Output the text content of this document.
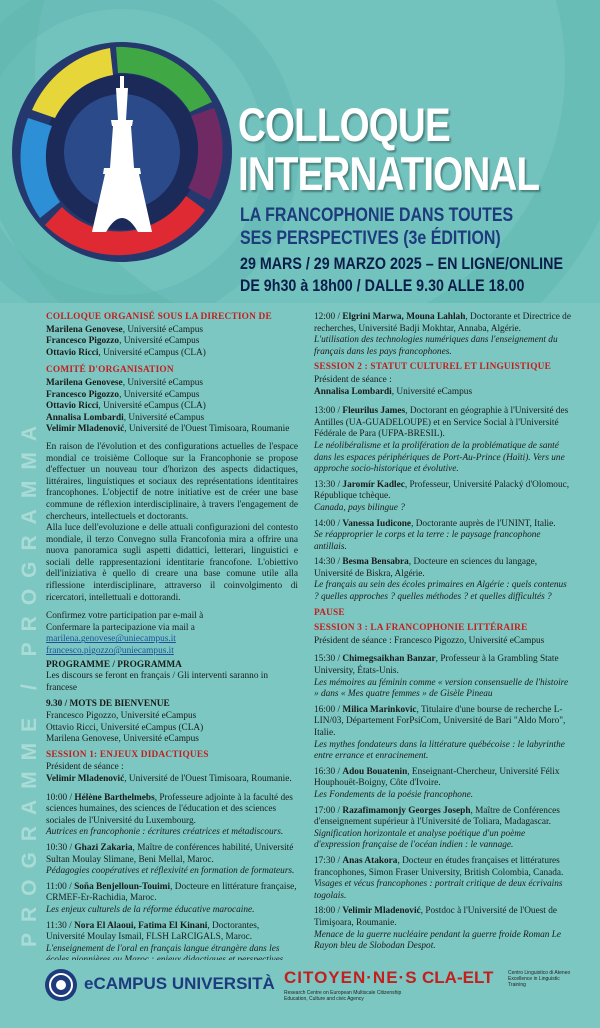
COLLOQUE
INTERNATIONAL
LA FRANCOPHONIE DANS TOUTES
SES PERSPECTIVES (3e ÉDITION)
29 MARS / 29 MARZO 2025 – EN LIGNE/ONLINE
DE 9h30 à 18h00 / DALLE 9.30 ALLE 18.00
PROGRAMME / PROGRAMMA
COLLOQUE ORGANISÉ SOUS LA DIRECTION DE
Marilena Genovese, Université eCampus
Francesco Pigozzo, Université eCampus
Ottavio Ricci, Université eCampus (CLA)
COMITÉ D'ORGANISATION
Marilena Genovese, Université eCampus
Francesco Pigozzo, Université eCampus
Ottavio Ricci, Université eCampus (CLA)
Annalisa Lombardi, Université eCampus
Velimir Mladenović, Université de l'Ouest Timisoara, Roumanie

En raison de l'évolution et des configurations actuelles de l'espace mondial ce troisième Colloque sur la Francophonie se propose d'effectuer un nouveau tour d'horizon des aspects didactiques, littéraires, linguistiques et sociaux des représentations identitaires francophones. L'objectif de notre initiative est de créer une base commune de réflexion interdisciplinaire, à travers l'engagement de chercheurs, intellectuels et doctorants.

Alla luce dell'evoluzione e delle attuali configurazioni del contesto mondiale, il terzo Convegno sulla Francofonia mira a offrire una nuova panoramica sugli aspetti didattici, letterari, linguistici e sociali delle rappresentazioni identitarie francofone. L'obiettivo dell'iniziativa è quello di creare una base comune utile alla riflessione interdisciplinare, attraverso il coinvolgimento di ricercatori, intellettuali e dottorandi.

Confirmez votre participation par e-mail à
Confermare la partecipazione via mail a
marilena.genovese@uniecampus.it
francesco.pigozzo@uniecampus.it
PROGRAMME / PROGRAMMA

Les discours se feront en français / Gli interventi saranno in francese

9.30 / MOTS DE BIENVENUE
Francesco Pigozzo, Université eCampus
Ottavio Ricci, Université eCampus (CLA)
Marilena Genovese, Université eCampus
SESSION 1: ENJEUX DIDACTIQUES
Président de séance :

Velimir Mladenović, Université de l'Ouest Timisoara, Roumanie.

10:00 / Hélène Barthelmebs, Professeure adjointe à la faculté des sciences humaines, des sciences de l'éducation et des sciences sociales de l'Université du Luxembourg.
Autrices en francophonie : écritures créatrices et métadiscours.

10:30 / Ghazi Zakaria, Maître de conférences habilité, Université Sultan Moulay Slimane, Beni Mellal, Maroc.
Pédagogies coopératives et réflexivité en formation de formateurs.

11:00 / Soña Benjelloun-Touimi, Docteure en littérature française, CRMEF-Er-Rachidia, Maroc.
Les enjeux culturels de la réforme éducative marocaine.

11:30 / Nora El Alaoui, Fatima El Kinani, Doctorantes, Université Moulay Ismail, FLSH LaRCIGALS, Maroc.
L'enseignement de l'oral en français langue étrangère dans les

12:00 / Elgrini Marwa, Mouna Lahlah, Doctorante et Directrice de recherches, Université Badji Mokhtar, Annaba, Algérie.
L'utilisation des technologies numériques dans l'enseignement du français dans les pays francophones.

SESSION 2 : STATUT CULTUREL ET LINGUISTIQUE
Président de séance :

Annalisa Lombardi, Université eCampus

13:00 / Fleurilus James, Doctorant en géographie à l'Université des Antilles (UA-GUADELOUPE) et en Service Social à l'Université Fédérale de Para (UFPA-BRESIL).
Le néolibéralisme et la prolifération de la problématique de santé dans les espaces périphériques de Port-Au-Prince (Haïti). Vers une approche socio-historique et évolutive.

13:30 / Jaromír Kadlec, Professeur, Université Palacký d'Olomouc, République tchèque.
Canada, pays bilingue ?

14:00 / Vanessa Iudicone, Doctorante auprès de l'UNINT, Italie.
Se réapproprier le corps et la terre : le paysage francophone antillais.

14:30 / Besma Bensabra, Docteure en sciences du langage, Université de Biskra, Algérie.
Le français au sein des écoles primaires en Algérie : quels contenus ? quelles approches ? quelles méthodes ? et quelles difficultés ?

PAUSE
SESSION 3 : LA FRANCOPHONIE LITTÉRAIRE

Président de séance : Francesco Pigozzo, Université eCampus

15:30 / Chimegsaikhan Banzar, Professeur à la Grambling State University, États-Unis.
Les mémoires au féminin comme « version consensuelle de l'histoire » dans « Mes quatre femmes » de Gisèle Pineau

16:00 / Milica Marinkovic, Titulaire d'une bourse de recherche L-LIN/03, Département ForPsiCom, Université de Bari "Aldo Moro", Italie.
Les mythes fondateurs dans la littérature québécoise : le labyrinthe entre errance et enracinement.

16:30 / Adou Bouatenin, Enseignant-Chercheur, Université Félix Houphouët-Boigny, Côte d'Ivoire.
Les Fondements de la poésie francophone.

17:00 / Razafimamonjy Georges Joseph, Maître de Conférences d'enseignement supérieur à l'Université de Toliara, Madagascar.
Signification horizontale et analyse poétique d'un poème d'expression française de l'océan indien : le vannage.

17:30 / Anas Atakora, Docteur en études françaises et littératures francophones, Simon Fraser University, British Colombia, Canada.
Visages et vécus francophones : portrait critique de deux écrivains togolais.

18:00 / Velimir Mladenović, Postdoc à l'Université de l'Ouest de Timişoara, Roumanie.
Menace de la guerre nucléaire pendant la guerre froide Roman Le Rayon bleu de Slobodan Despot.

eCAMPUS UNIVERSITÀ CITOYEN·NE·S
Research Centre on European Multiscale Citizenship Education, Culture and civic Agency
CLA-ELT	Centro Linguistico di Ateneo Excellence in Linguistic Training
